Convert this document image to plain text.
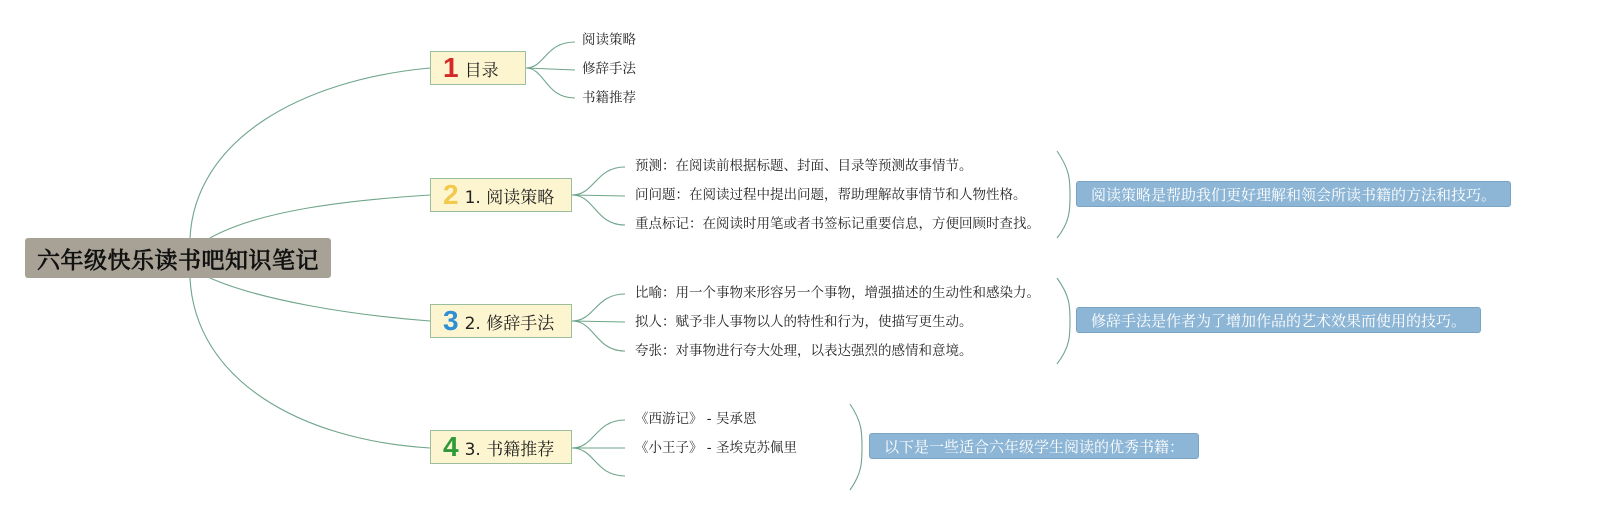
六年级快乐读书吧知识笔记
1 目录
阅读策略
修辞手法
书籍推荐
2 1. 阅读策略
预测：在阅读前根据标题、封面、目录等预测故事情节。
问问题：在阅读过程中提出问题，帮助理解故事情节和人物性格。
重点标记：在阅读时用笔或者书签标记重要信息，方便回顾时查找。
阅读策略是帮助我们更好理解和领会所读书籍的方法和技巧。
3 2. 修辞手法
比喻：用一个事物来形容另一个事物，增强描述的生动性和感染力。
拟人：赋予非人事物以人的特性和行为，使描写更生动。
夸张：对事物进行夸大处理，以表达强烈的感情和意境。
修辞手法是作者为了增加作品的艺术效果而使用的技巧。
4 3. 书籍推荐
《西游记》 - 吴承恩
《小王子》 - 圣埃克苏佩里	以下是一些适合六年级学生阅读的优秀书籍：
